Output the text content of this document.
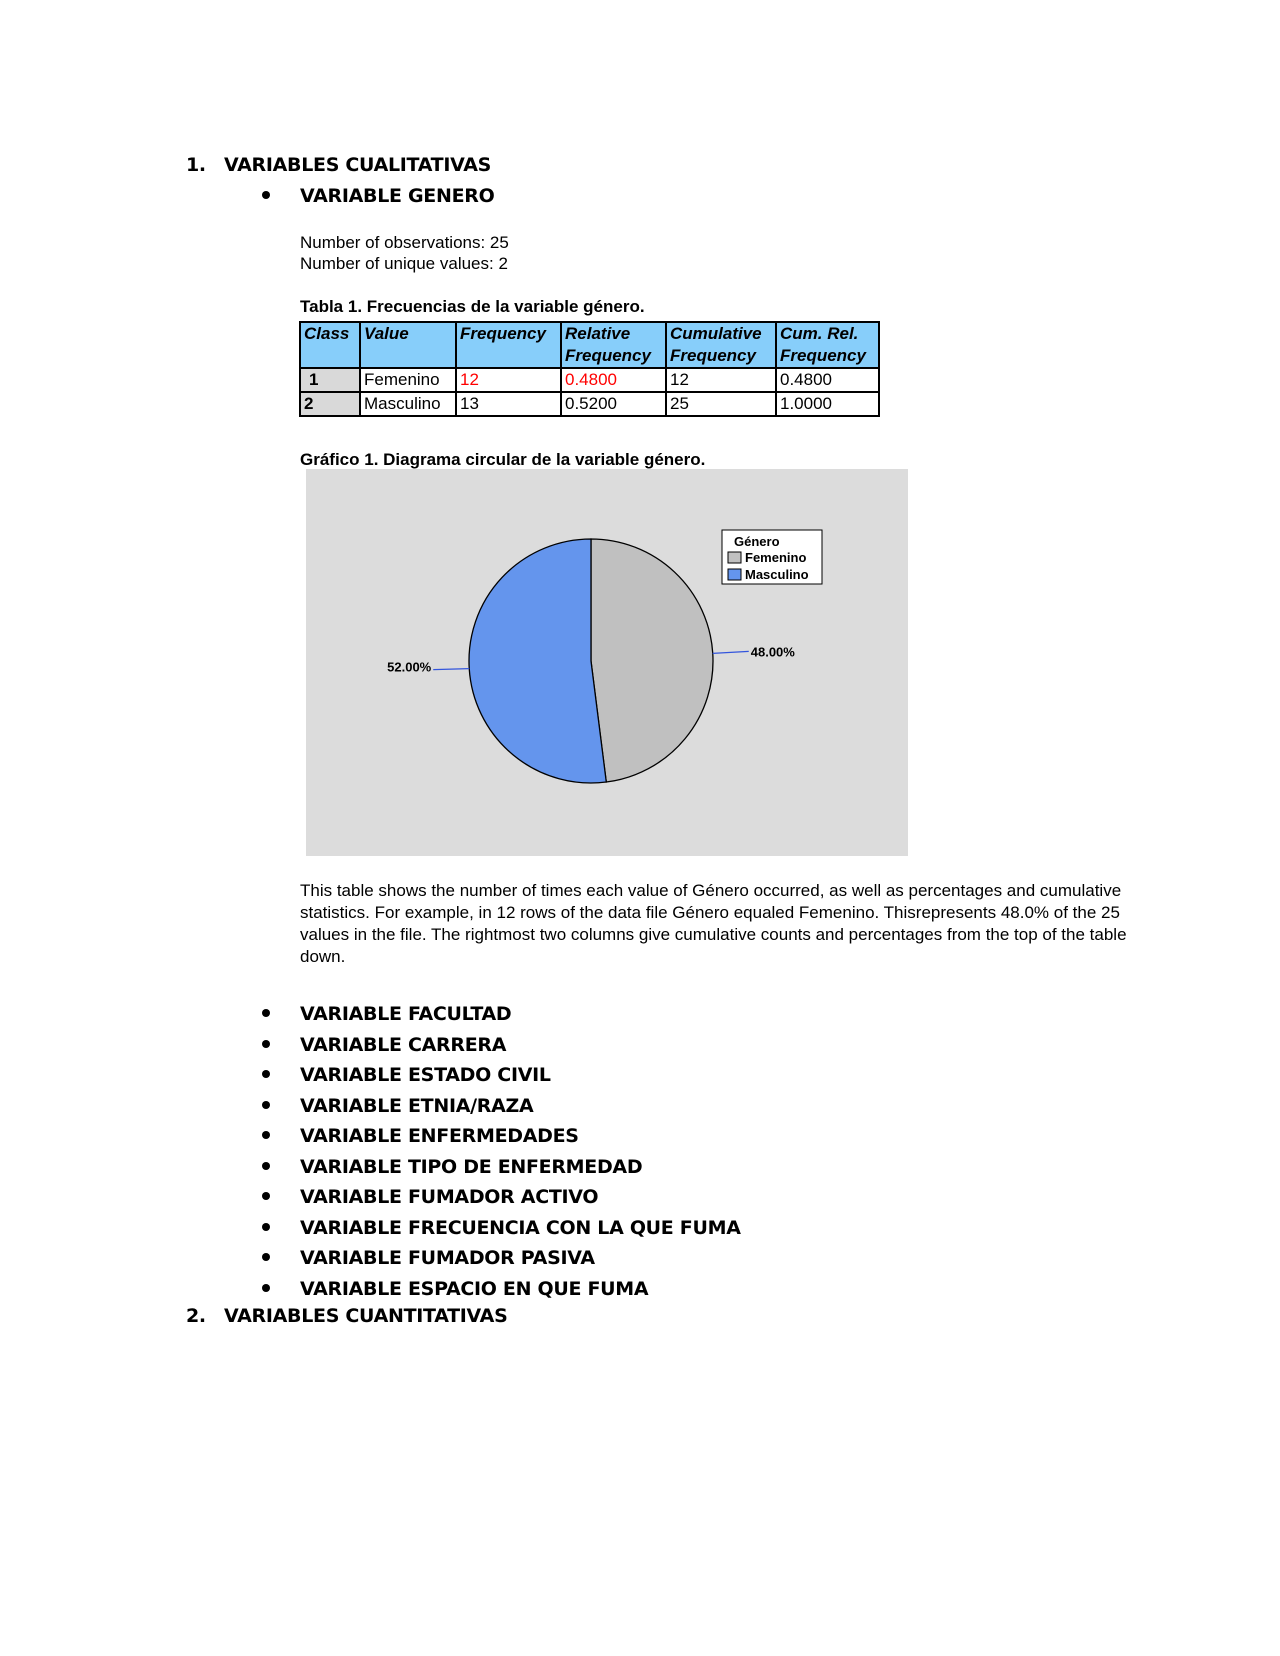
1. VARIABLES CUALITATIVAS
VARIABLE GENERO
Number of observations: 25
Number of unique values: 2
Tabla 1. Frecuencias de la variable género.
Class	Value	Frequency	Relative Frequency	Cumulative Frequency	Cum. Rel. Frequency
1	Femenino	12	0.4800	12	0.4800
2	Masculino	13	0.5200	25	1.0000
Gráfico 1. Diagrama circular de la variable género.
48.00%
52.00%
Género
Femenino
Masculino
This table shows the number of times each value of Género occurred, as well as percentages and cumulative statistics. For example, in 12 rows of the data file Género equaled Femenino. Thisrepresents 48.0% of the 25 values in the file. The rightmost two columns give cumulative counts and percentages from the top of the table down.
VARIABLE FACULTAD
VARIABLE CARRERA
VARIABLE ESTADO CIVIL
VARIABLE ETNIA/RAZA
VARIABLE ENFERMEDADES
VARIABLE TIPO DE ENFERMEDAD
VARIABLE FUMADOR ACTIVO
VARIABLE FRECUENCIA CON LA QUE FUMA
VARIABLE FUMADOR PASIVA
VARIABLE ESPACIO EN QUE FUMA
2. VARIABLES CUANTITATIVAS
